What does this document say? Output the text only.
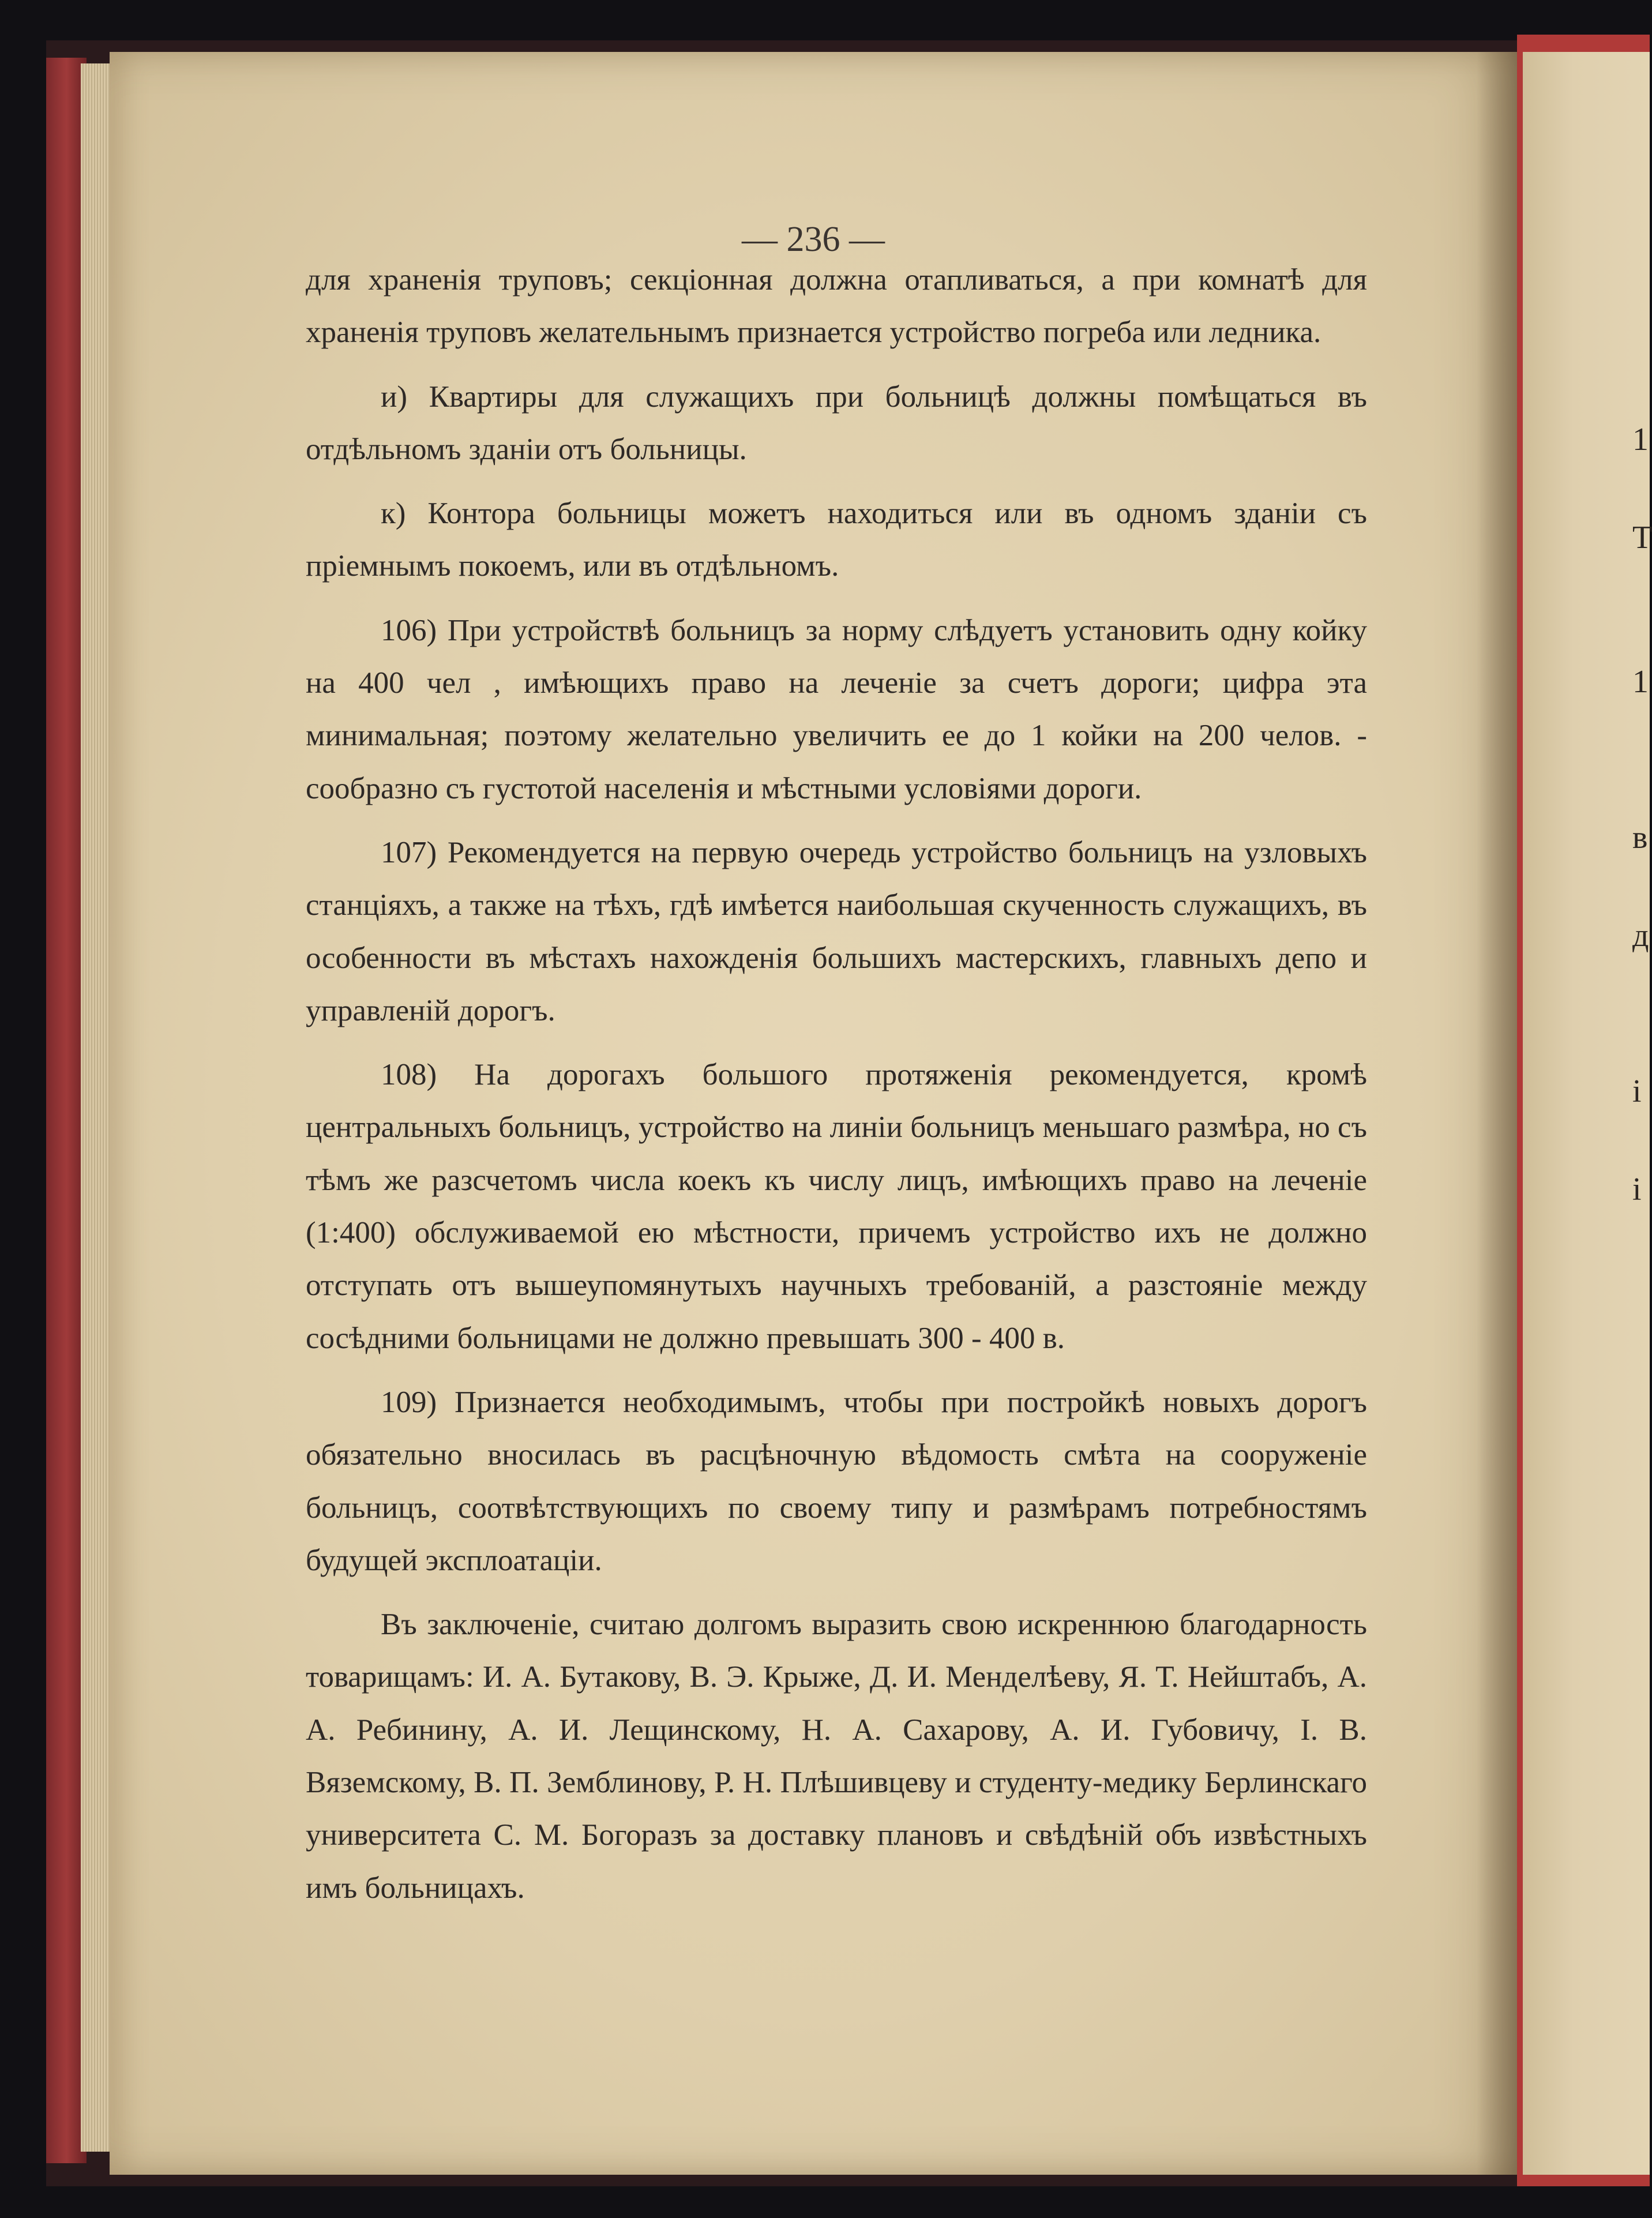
— 236 —

для храненія труповъ; секціонная должна отапливаться, а при комнатѣ для храненія труповъ желательнымъ признается устройство погреба или ледника.

и) Квартиры для служащихъ при больницѣ должны помѣщаться въ отдѣльномъ зданіи отъ больницы.

к) Контора больницы можетъ находиться или въ одномъ зданіи съ пріемнымъ покоемъ, или въ отдѣльномъ.

106) При устройствѣ больницъ за норму слѣдуетъ установить одну койку на 400 чел , имѣющихъ право на леченіе за счетъ дороги; цифра эта минимальная; поэтому желательно увеличить ее до 1 койки на 200 челов. - сообразно съ густотой населенія и мѣстными условіями дороги.

107) Рекомендуется на первую очередь устройство больницъ на узловыхъ станціяхъ, а также на тѣхъ, гдѣ имѣется наибольшая скученность служащихъ, въ особенности въ мѣстахъ нахожденія большихъ мастерскихъ, главныхъ депо и управленій дорогъ.

108) На дорогахъ большого протяженія рекомендуется, кромѣ центральныхъ больницъ, устройство на линіи больницъ меньшаго размѣра, но съ тѣмъ же разсчетомъ числа коекъ къ числу лицъ, имѣющихъ право на леченіе (1:400) обслуживаемой ею мѣстности, причемъ устройство ихъ не должно отступать отъ вышеупомянутыхъ научныхъ требованій, а разстояніе между сосѣдними больницами не должно превышать 300 - 400 в.

109) Признается необходимымъ, чтобы при постройкѣ новыхъ дорогъ обязательно вносилась въ расцѣночную вѣдомость смѣта на сооруженіе больницъ, соотвѣтствующихъ по своему типу и размѣрамъ потребностямъ будущей эксплоатаціи.

Въ заключеніе, считаю долгомъ выразить свою искреннюю благодарность товарищамъ: И. А. Бутакову, В. Э. Крыже, Д. И. Менделѣеву, Я. Т. Нейштабъ, А. А. Ребинину, А. И. Лещинскому, Н. А. Сахарову, А. И. Губовичу, І. В. Вяземскому, В. П. Земблинову, Р. Н. Плѣшивцеву и студенту-медику Берлинскаго университета С. М. Богоразъ за доставку плановъ и свѣдѣній объ извѣстныхъ имъ больницахъ.

1
Т
1
в
д
і
і
